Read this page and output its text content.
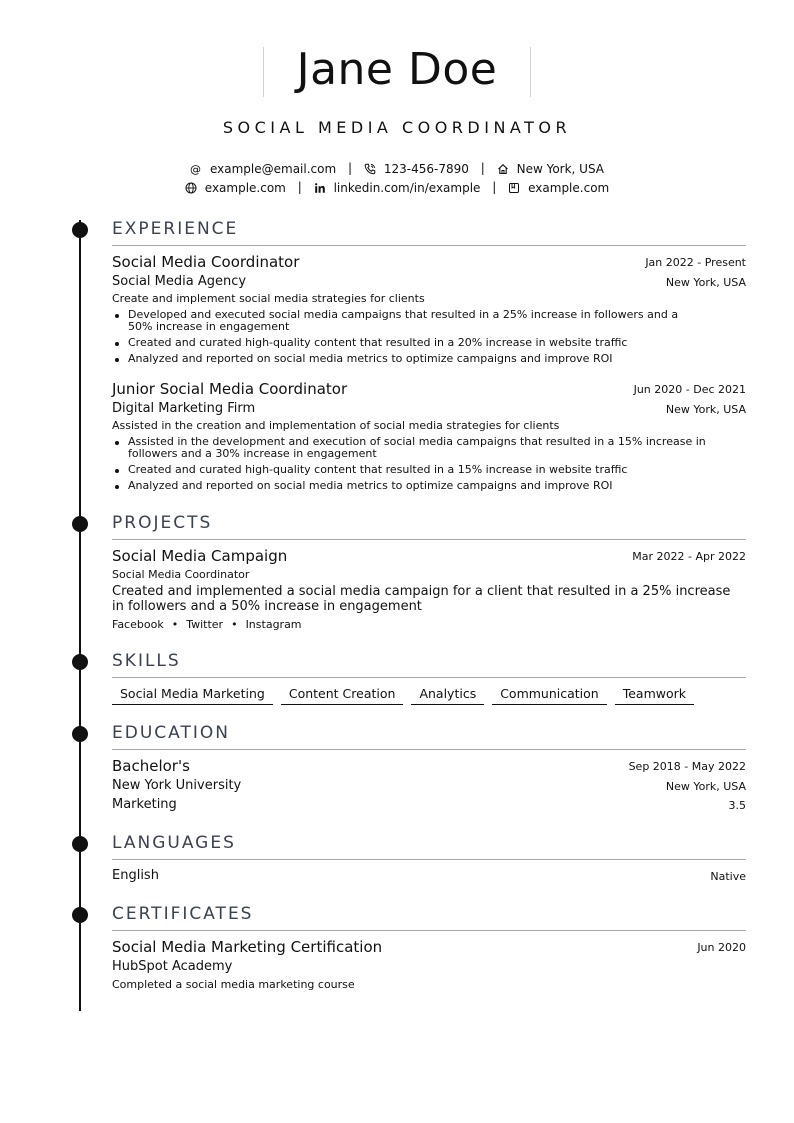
Jane Doe
SOCIAL MEDIA COORDINATOR
@ example@email.com |	123-456-7890 |	New York, USA
example.com |	linkedin.com/in/example |	example.com
EXPERIENCE
Social Media Coordinator	Jan 2022 - Present
Social Media Agency	New York, USA
Create and implement social media strategies for clients
Developed and executed social media campaigns that resulted in a 25% increase in followers and a 50% increase in engagement
Created and curated high-quality content that resulted in a 20% increase in website traffic
Analyzed and reported on social media metrics to optimize campaigns and improve ROI
Junior Social Media Coordinator	Jun 2020 - Dec 2021
Digital Marketing Firm	New York, USA
Assisted in the creation and implementation of social media strategies for clients
Assisted in the development and execution of social media campaigns that resulted in a 15% increase in followers and a 30% increase in engagement
Created and curated high-quality content that resulted in a 15% increase in website traffic
Analyzed and reported on social media metrics to optimize campaigns and improve ROI
PROJECTS
Social Media Campaign	Mar 2022 - Apr 2022
Social Media Coordinator
Created and implemented a social media campaign for a client that resulted in a 25% increase in followers and a 50% increase in engagement
Facebook • Twitter • Instagram
SKILLS
Social Media Marketing	Content Creation	Analytics	Communication	Teamwork
EDUCATION
Bachelor's	Sep 2018 - May 2022
New York University	New York, USA
Marketing	3.5
LANGUAGES
English	Native
CERTIFICATES
Social Media Marketing Certification	Jun 2020
HubSpot Academy
Completed a social media marketing course
